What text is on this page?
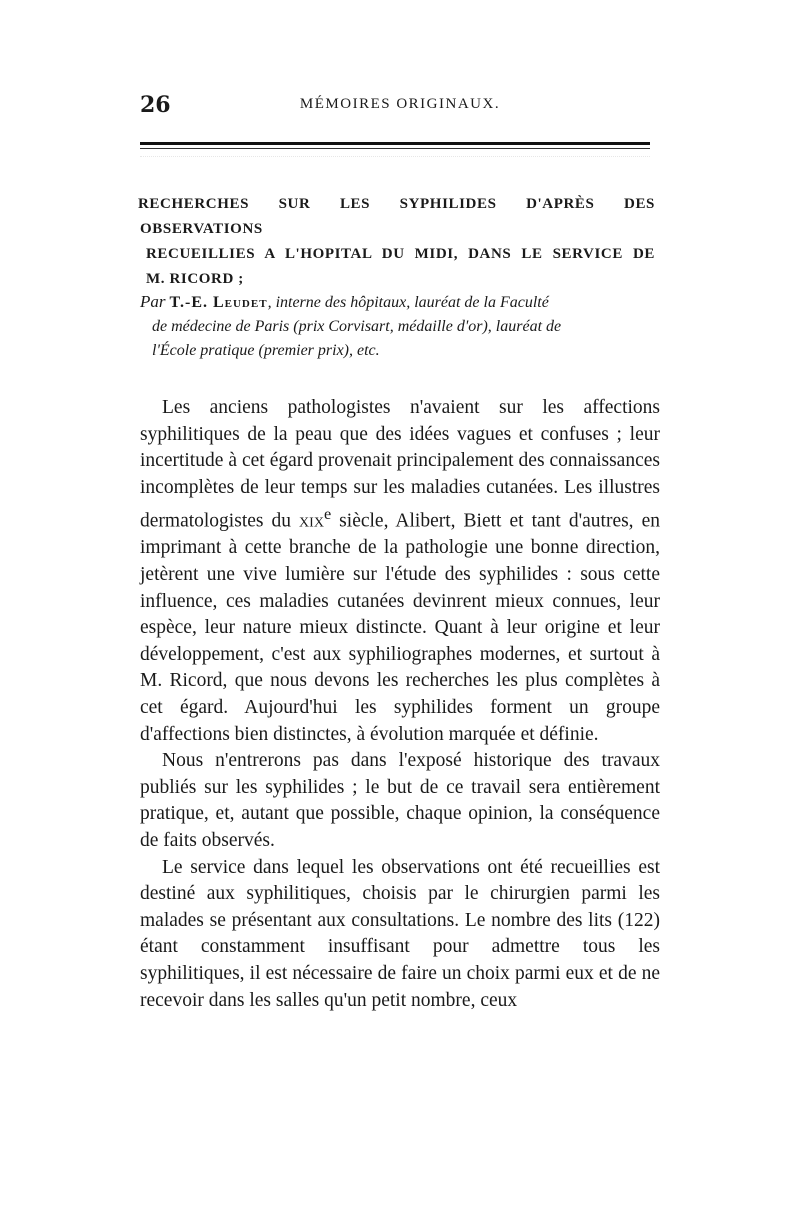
26	MÉMOIRES ORIGINAUX.
RECHERCHES SUR LES SYPHILIDES D'APRÈS DES OBSERVATIONS
RECUEILLIES A L'HOPITAL DU MIDI, DANS LE SERVICE DE
M. RICORD ;
Par T.-E. Leudet, interne des hôpitaux, lauréat de la Faculté
de médecine de Paris (prix Corvisart, médaille d'or), lauréat de
l'École pratique (premier prix), etc.

Les anciens pathologistes n'avaient sur les affections syphilitiques de la peau que des idées vagues et confuses ; leur incertitude à cet égard provenait principalement des connaissances incomplètes de leur temps sur les maladies cutanées. Les illustres dermatologistes du xix$^e$ siècle, Alibert, Biett et tant d'autres, en imprimant à cette branche de la pathologie une bonne direction, jetèrent une vive lumière sur l'étude des syphilides : sous cette influence, ces maladies cutanées devinrent mieux connues, leur espèce, leur nature mieux distincte. Quant à leur origine et leur développement, c'est aux syphiliographes modernes, et surtout à M. Ricord, que nous devons les recherches les plus complètes à cet égard. Aujourd'hui les syphilides forment un groupe d'affections bien distinctes, à évolution marquée et définie.

Nous n'entrerons pas dans l'exposé historique des travaux publiés sur les syphilides ; le but de ce travail sera entièrement pratique, et, autant que possible, chaque opinion, la conséquence de faits observés.

Le service dans lequel les observations ont été recueillies est destiné aux syphilitiques, choisis par le chirurgien parmi les malades se présentant aux consultations. Le nombre des lits (122) étant constamment insuffisant pour admettre tous les syphilitiques, il est nécessaire de faire un choix parmi eux et de ne recevoir dans les salles qu'un petit nombre, ceux
